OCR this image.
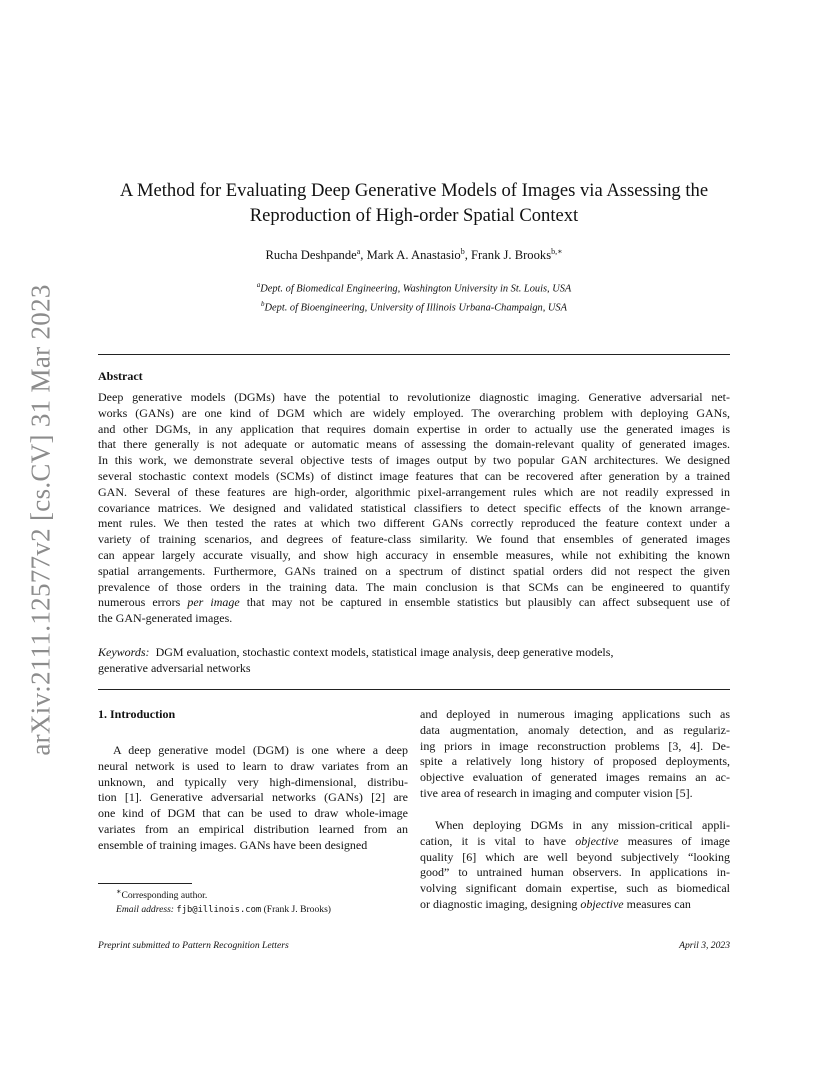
arXiv:2111.12577v2 [cs.CV] 31 Mar 2023
A Method for Evaluating Deep Generative Models of Images via Assessing the
Reproduction of High-order Spatial Context
Rucha Deshpande$^a$, Mark A. Anastasio$^b$, Frank J. Brooks$^{b,∗}$
$^a$Dept. of Biomedical Engineering, Washington University in St. Louis, USA
$^b$Dept. of Bioengineering, University of Illinois Urbana-Champaign, USA
Abstract
Deep generative models (DGMs) have the potential to revolutionize diagnostic imaging. Generative adversarial net-
works (GANs) are one kind of DGM which are widely employed. The overarching problem with deploying GANs,
and other DGMs, in any application that requires domain expertise in order to actually use the generated images is
that there generally is not adequate or automatic means of assessing the domain-relevant quality of generated images.
In this work, we demonstrate several objective tests of images output by two popular GAN architectures. We designed
several stochastic context models (SCMs) of distinct image features that can be recovered after generation by a trained
GAN. Several of these features are high-order, algorithmic pixel-arrangement rules which are not readily expressed in
covariance matrices. We designed and validated statistical classifiers to detect specific effects of the known arrange-
ment rules. We then tested the rates at which two different GANs correctly reproduced the feature context under a
variety of training scenarios, and degrees of feature-class similarity. We found that ensembles of generated images
can appear largely accurate visually, and show high accuracy in ensemble measures, while not exhibiting the known
spatial arrangements. Furthermore, GANs trained on a spectrum of distinct spatial orders did not respect the given
prevalence of those orders in the training data. The main conclusion is that SCMs can be engineered to quantify
numerous errors per image that may not be captured in ensemble statistics but plausibly can affect subsequent use of
the GAN-generated images.
Keywords: DGM evaluation, stochastic context models, statistical image analysis, deep generative models,
generative adversarial networks
1. Introduction
A deep generative model (DGM) is one where a deep
neural network is used to learn to draw variates from an
unknown, and typically very high-dimensional, distribu-
tion [1]. Generative adversarial networks (GANs) [2] are
one kind of DGM that can be used to draw whole-image
variates from an empirical distribution learned from an
ensemble of training images. GANs have been designed
and deployed in numerous imaging applications such as
data augmentation, anomaly detection, and as regulariz-
ing priors in image reconstruction problems [3, 4]. De-
spite a relatively long history of proposed deployments,
objective evaluation of generated images remains an ac-
tive area of research in imaging and computer vision [5].
When deploying DGMs in any mission-critical appli-
cation, it is vital to have objective measures of image
quality [6] which are well beyond subjectively “looking
good” to untrained human observers. In applications in-
volving significant domain expertise, such as biomedical
or diagnostic imaging, designing objective measures can
∗Corresponding author.
Email address: fjb@illinois.com (Frank J. Brooks)
Preprint submitted to Pattern Recognition Letters	April 3, 2023
